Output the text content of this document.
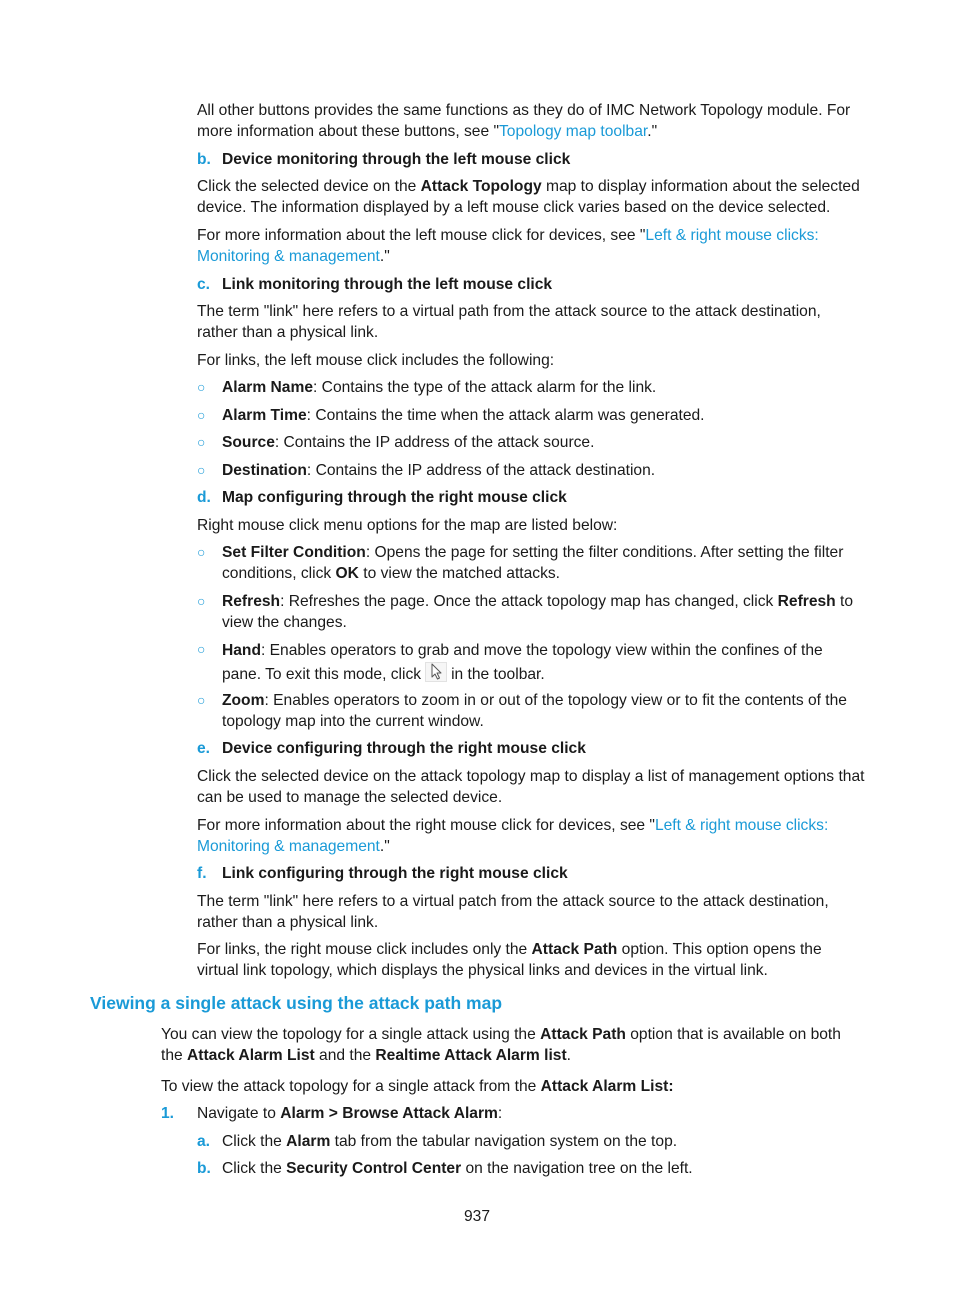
All other buttons provides the same functions as they do of IMC Network Topology module. For more information about these buttons, see "Topology map toolbar."
b. Device monitoring through the left mouse click
Click the selected device on the Attack Topology map to display information about the selected device. The information displayed by a left mouse click varies based on the device selected.
For more information about the left mouse click for devices, see "Left & right mouse clicks: Monitoring & management."
c. Link monitoring through the left mouse click
The term "link" here refers to a virtual path from the attack source to the attack destination, rather than a physical link.
For links, the left mouse click includes the following:
○ Alarm Name: Contains the type of the attack alarm for the link.
○ Alarm Time: Contains the time when the attack alarm was generated.
○ Source: Contains the IP address of the attack source.
○ Destination: Contains the IP address of the attack destination.
d. Map configuring through the right mouse click
Right mouse click menu options for the map are listed below:
○ Set Filter Condition: Opens the page for setting the filter conditions. After setting the filter conditions, click OK to view the matched attacks.
○ Refresh: Refreshes the page. Once the attack topology map has changed, click Refresh to view the changes.
○ Hand: Enables operators to grab and move the topology view within the confines of the pane. To exit this mode, click in the toolbar.
○ Zoom: Enables operators to zoom in or out of the topology view or to fit the contents of the topology map into the current window.
e. Device configuring through the right mouse click
Click the selected device on the attack topology map to display a list of management options that can be used to manage the selected device.
For more information about the right mouse click for devices, see "Left & right mouse clicks: Monitoring & management."
f. Link configuring through the right mouse click
The term "link" here refers to a virtual patch from the attack source to the attack destination, rather than a physical link.
For links, the right mouse click includes only the Attack Path option. This option opens the virtual link topology, which displays the physical links and devices in the virtual link.
Viewing a single attack using the attack path map
You can view the topology for a single attack using the Attack Path option that is available on both the Attack Alarm List and the Realtime Attack Alarm list.
To view the attack topology for a single attack from the Attack Alarm List:
1. Navigate to Alarm > Browse Attack Alarm:
a. Click the Alarm tab from the tabular navigation system on the top.
b. Click the Security Control Center on the navigation tree on the left.
937
